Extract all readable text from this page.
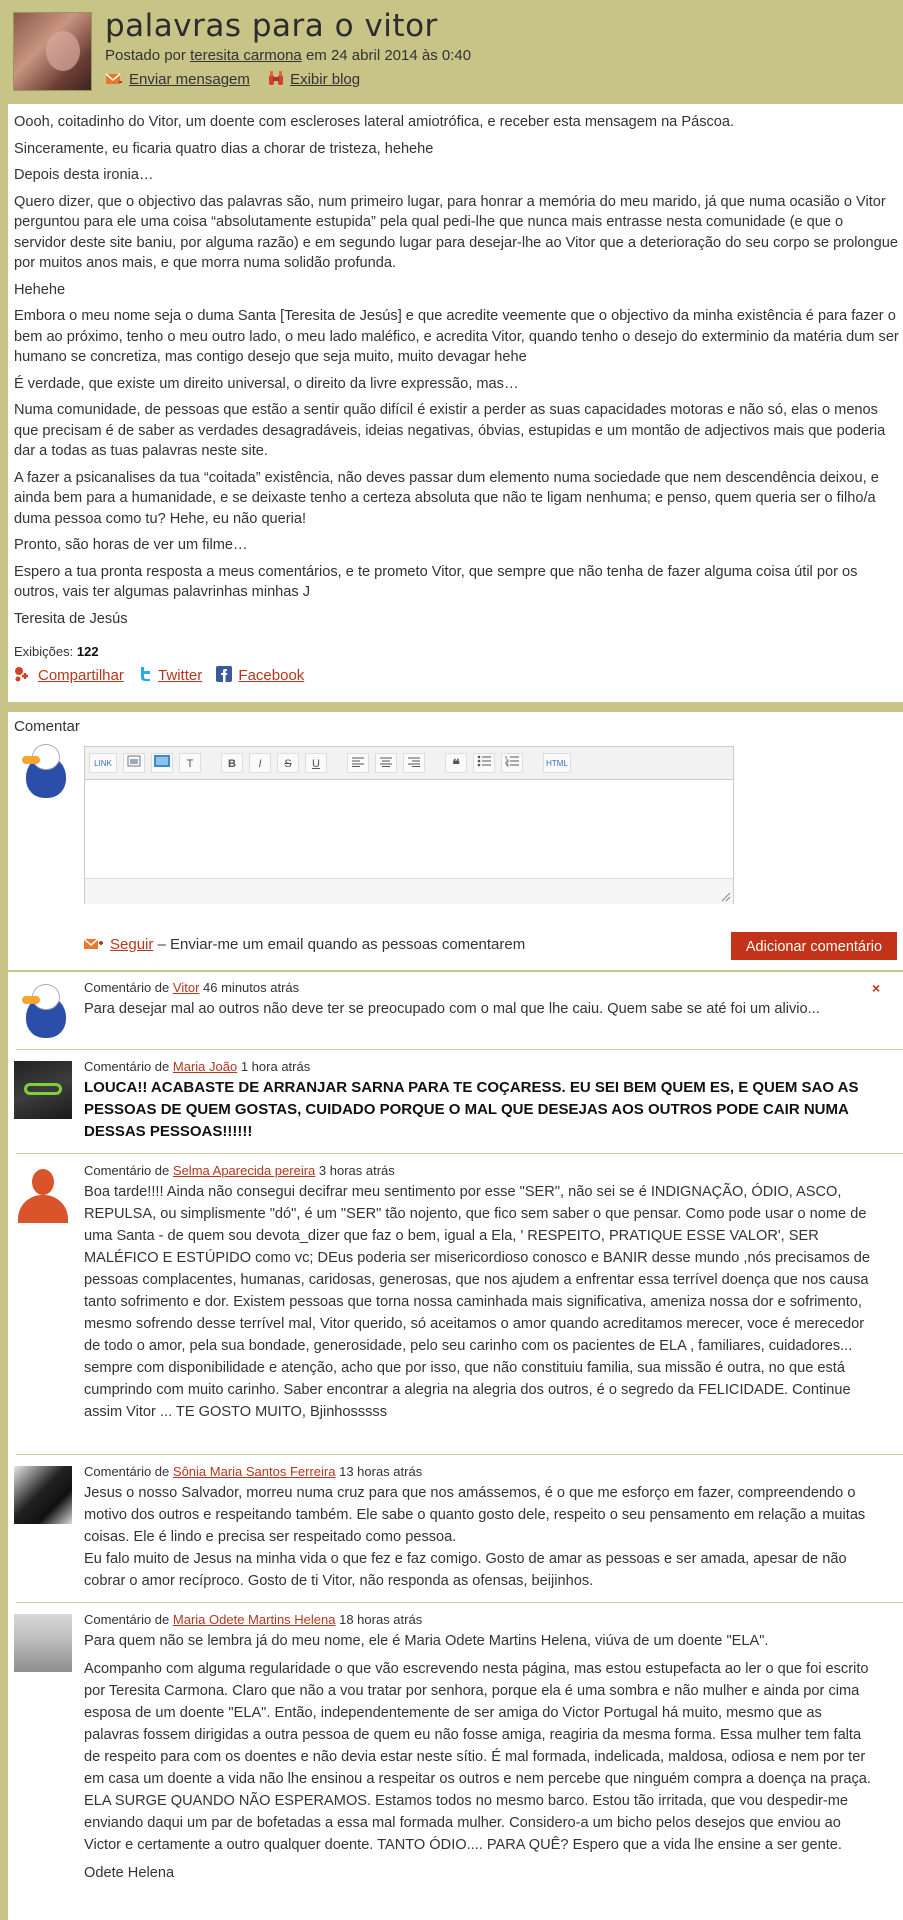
palavras para o vitor
Postado por teresita carmona em 24 abril 2014 às 0:40
Enviar mensagem	Exibir blog

Oooh, coitadinho do Vitor, um doente com escleroses lateral amiotrófica, e receber esta mensagem na Páscoa.

Sinceramente, eu ficaria quatro dias a chorar de tristeza, hehehe

Depois desta ironia…

Quero dizer, que o objectivo das palavras são, num primeiro lugar, para honrar a memória do meu marido, já que numa ocasião o Vitor perguntou para ele uma coisa “absolutamente estupida” pela qual pedi-lhe que nunca mais entrasse nesta comunidade (e que o servidor deste site baniu, por alguma razão) e em segundo lugar para desejar-lhe ao Vitor que a deterioração do seu corpo se prolongue por muitos anos mais, e que morra numa solidão profunda.

Hehehe

Embora o meu nome seja o duma Santa [Teresita de Jesús] e que acredite veemente que o objectivo da minha existência é para fazer o bem ao próximo, tenho o meu outro lado, o meu lado maléfico, e acredita Vitor, quando tenho o desejo do exterminio da matéria dum ser humano se concretiza, mas contigo desejo que seja muito, muito devagar hehe

É verdade, que existe um direito universal, o direito da livre expressão, mas…

Numa comunidade, de pessoas que estão a sentir quão difícil é existir a perder as suas capacidades motoras e não só, elas o menos que precisam é de saber as verdades desagradáveis, ideias negativas, óbvias, estupidas e um montão de adjectivos mais que poderia dar a todas as tuas palavras neste site.

A fazer a psicanalises da tua “coitada” existência, não deves passar dum elemento numa sociedade que nem descendência deixou, e ainda bem para a humanidade, e se deixaste tenho a certeza absoluta que não te ligam nenhuma; e penso, quem queria ser o filho/a duma pessoa como tu? Hehe, eu não queria!

Pronto, são horas de ver um filme…

Espero a tua pronta resposta a meus comentários, e te prometo Vitor, que sempre que não tenha de fazer alguma coisa útil por os outros, vais ter algumas palavrinhas minhas J

Teresita de Jesús

Exibições: 122
Compartilhar Twitter Facebook
Comentar
LINK	T	B	I	S	U	❝	HTML
Seguir – Enviar-me um email quando as pessoas comentarem	Adicionar comentário
Comentário de Vitor 46 minutos atrás	×
Para desejar mal ao outros não deve ter se preocupado com o mal que lhe caiu. Quem sabe se até foi um alivio...
Comentário de Maria João 1 hora atrás
LOUCA!! ACABASTE DE ARRANJAR SARNA PARA TE COÇARESS. EU SEI BEM QUEM ES, E QUEM SAO AS PESSOAS DE QUEM GOSTAS, CUIDADO PORQUE O MAL QUE DESEJAS AOS OUTROS PODE CAIR NUMA DESSAS PESSOAS!!!!!!
Comentário de Selma Aparecida pereira 3 horas atrás
Boa tarde!!!! Ainda não consegui decifrar meu sentimento por esse "SER", não sei se é INDIGNAÇÃO, ÓDIO, ASCO, REPULSA, ou simplismente "dó", é um "SER" tão nojento, que fico sem saber o que pensar. Como pode usar o nome de uma Santa - de quem sou devota_dizer que faz o bem, igual a Ela, ' RESPEITO, PRATIQUE ESSE VALOR', SER MALÉFICO E ESTÚPIDO como vc; DEus poderia ser misericordioso conosco e BANIR desse mundo ,nós precisamos de pessoas complacentes, humanas, caridosas, generosas, que nos ajudem a enfrentar essa terrível doença que nos causa tanto sofrimento e dor. Existem pessoas que torna nossa caminhada mais significativa, ameniza nossa dor e sofrimento, mesmo sofrendo desse terrível mal, Vitor querido, só aceitamos o amor quando acreditamos merecer, voce é merecedor de todo o amor, pela sua bondade, generosidade, pelo seu carinho com os pacientes de ELA , familiares, cuidadores... sempre com disponibilidade e atenção, acho que por isso, que não constituiu familia, sua missão é outra, no que está cumprindo com muito carinho. Saber encontrar a alegria na alegria dos outros, é o segredo da FELICIDADE. Continue assim Vitor ... TE GOSTO MUITO, Bjinhosssss
Comentário de Sônia Maria Santos Ferreira 13 horas atrás
Jesus o nosso Salvador, morreu numa cruz para que nos amássemos, é o que me esforço em fazer, compreendendo o motivo dos outros e respeitando também. Ele sabe o quanto gosto dele, respeito o seu pensamento em relação a muitas coisas. Ele é lindo e precisa ser respeitado como pessoa.
Eu falo muito de Jesus na minha vida o que fez e faz comigo. Gosto de amar as pessoas e ser amada, apesar de não cobrar o amor recíproco. Gosto de ti Vitor, não responda as ofensas, beijinhos.
Comentário de Maria Odete Martins Helena 18 horas atrás

Para quem não se lembra já do meu nome, ele é Maria Odete Martins Helena, viúva de um doente "ELA".

Acompanho com alguma regularidade o que vão escrevendo nesta página, mas estou estupefacta ao ler o que foi escrito por Teresita Carmona. Claro que não a vou tratar por senhora, porque ela é uma sombra e não mulher e ainda por cima esposa de um doente "ELA". Então, independentemente de ser amiga do Victor Portugal há muito, mesmo que as palavras fossem dirigidas a outra pessoa de quem eu não fosse amiga, reagiria da mesma forma. Essa mulher tem falta de respeito para com os doentes e não devia estar neste sítio. É mal formada, indelicada, maldosa, odiosa e nem por ter em casa um doente a vida não lhe ensinou a respeitar os outros e nem percebe que ninguém compra a doença na praça. ELA SURGE QUANDO NÃO ESPERAMOS. Estamos todos no mesmo barco. Estou tão irritada, que vou despedir-me enviando daqui um par de bofetadas a essa mal formada mulher. Considero-a um bicho pelos desejos que enviou ao Victor e certamente a outro qualquer doente. TANTO ÓDIO.... PARA QUÊ? Espero que a vida lhe ensine a ser gente.

Odete Helena
